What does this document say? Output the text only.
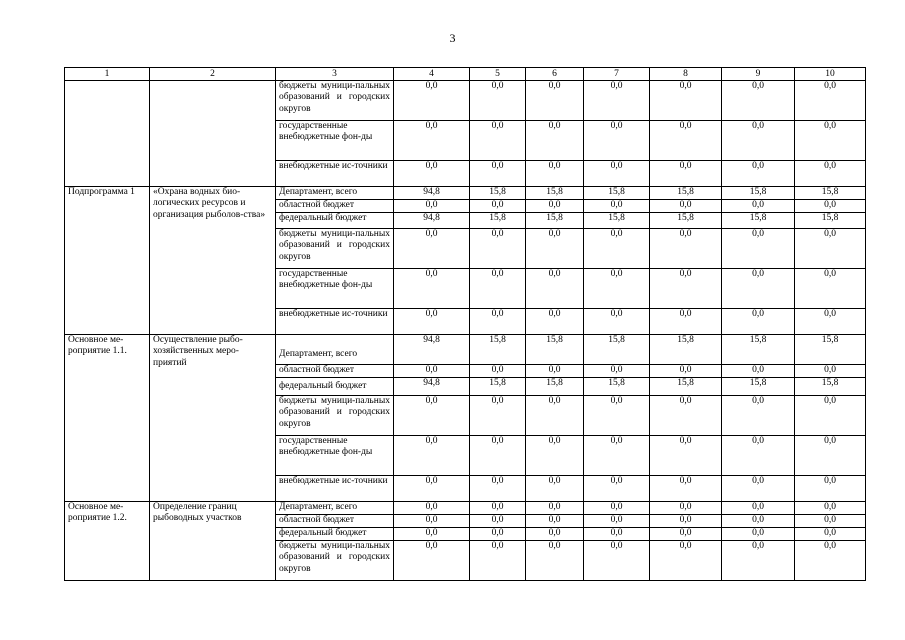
3
1	2	3	4	5	6	7	8	9	10
		бюджеты муници-пальных образований и городских округов	0,0	0,0	0,0	0,0	0,0	0,0	0,0
		государственные внебюджетные фон-ды	0,0	0,0	0,0	0,0	0,0	0,0	0,0
		внебюджетные ис-точники	0,0	0,0	0,0	0,0	0,0	0,0	0,0
Подпрограмма 1	«Охрана водных био-логических ресурсов и организация рыболов-ства»	Департамент, всего	94,8	15,8	15,8	15,8	15,8	15,8	15,8
		областной бюджет	0,0	0,0	0,0	0,0	0,0	0,0	0,0
		федеральный бюджет	94,8	15,8	15,8	15,8	15,8	15,8	15,8
		бюджеты муници-пальных образований и городских округов	0,0	0,0	0,0	0,0	0,0	0,0	0,0
		государственные внебюджетные фон-ды	0,0	0,0	0,0	0,0	0,0	0,0	0,0
		внебюджетные ис-точники	0,0	0,0	0,0	0,0	0,0	0,0	0,0
Основное ме-роприятие 1.1.	Осуществление рыбо-хозяйственных меро-приятий	Департамент, всего	94,8	15,8	15,8	15,8	15,8	15,8	15,8
		областной бюджет	0,0	0,0	0,0	0,0	0,0	0,0	0,0
		федеральный бюджет	94,8	15,8	15,8	15,8	15,8	15,8	15,8
		бюджеты муници-пальных образований и городских округов	0,0	0,0	0,0	0,0	0,0	0,0	0,0
		государственные внебюджетные фон-ды	0,0	0,0	0,0	0,0	0,0	0,0	0,0
		внебюджетные ис-точники	0,0	0,0	0,0	0,0	0,0	0,0	0,0
Основное ме-роприятие 1.2.	Определение границ рыбоводных участков	Департамент, всего	0,0	0,0	0,0	0,0	0,0	0,0	0,0
		областной бюджет	0,0	0,0	0,0	0,0	0,0	0,0	0,0
		федеральный бюджет	0,0	0,0	0,0	0,0	0,0	0,0	0,0
		бюджеты муници-пальных образований и городских округов	0,0	0,0	0,0	0,0	0,0	0,0	0,0
